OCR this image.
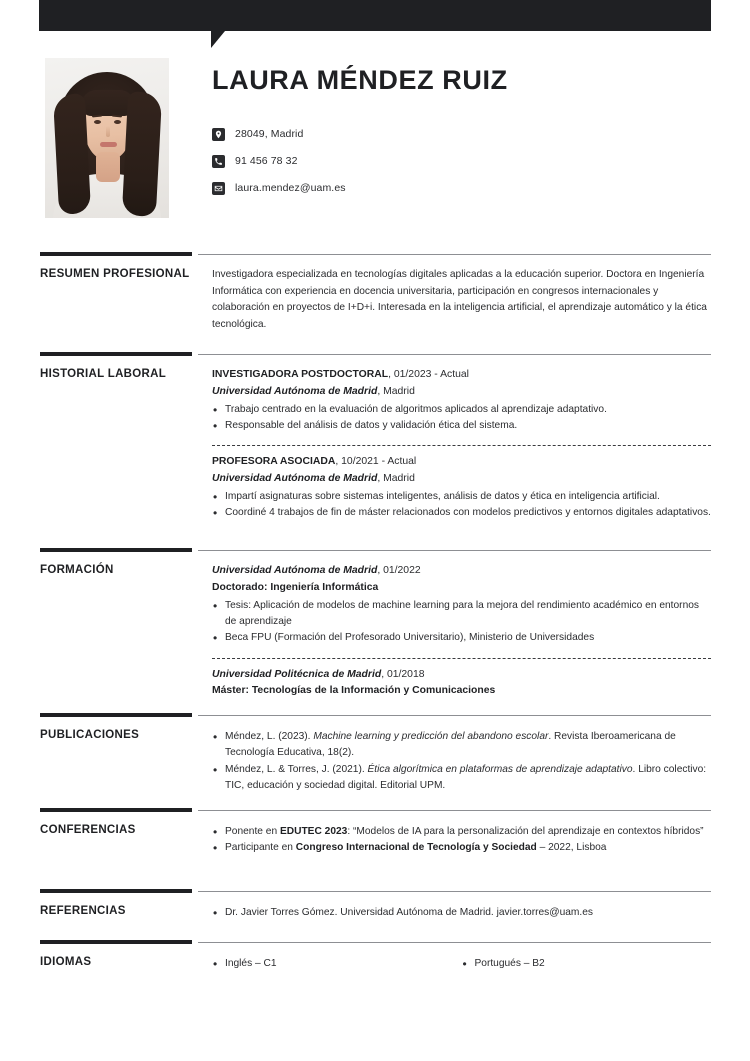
LAURA MÉNDEZ RUIZ
28049, Madrid
91 456 78 32
laura.mendez@uam.es
RESUMEN PROFESIONAL	Investigadora especializada en tecnologías digitales aplicadas a la educación superior. Doctora en Ingeniería Informática con experiencia en docencia universitaria, participación en congresos internacionales y colaboración en proyectos de I+D+i. Interesada en la inteligencia artificial, el aprendizaje automático y la ética tecnológica.

HISTORIAL LABORAL	INVESTIGADORA POSTDOCTORAL, 01/2023 - Actual

Universidad Autónoma de Madrid, Madrid

• Trabajo centrado en la evaluación de algoritmos aplicados al aprendizaje adaptativo.
• Responsable del análisis de datos y validación ética del sistema.

PROFESORA ASOCIADA, 10/2021 - Actual

Universidad Autónoma de Madrid, Madrid

• Impartí asignaturas sobre sistemas inteligentes, análisis de datos y ética en inteligencia artificial.
• Coordiné 4 trabajos de fin de máster relacionados con modelos predictivos y entornos digitales adaptativos.
FORMACIÓN	Universidad Autónoma de Madrid, 01/2022

Doctorado: Ingeniería Informática

• Tesis: Aplicación de modelos de machine learning para la mejora del rendimiento académico en entornos de aprendizaje
• Beca FPU (Formación del Profesorado Universitario), Ministerio de Universidades

Universidad Politécnica de Madrid, 01/2018

Máster: Tecnologías de la Información y Comunicaciones

PUBLICACIONES	• Méndez, L. (2023). Machine learning y predicción del abandono escolar. Revista Iberoamericana de Tecnología Educativa, 18(2).
• Méndez, L. & Torres, J. (2021). Ética algorítmica en plataformas de aprendizaje adaptativo. Libro colectivo: TIC, educación y sociedad digital. Editorial UPM.
CONFERENCIAS	• Ponente en EDUTEC 2023: “Modelos de IA para la personalización del aprendizaje en contextos híbridos”
• Participante en Congreso Internacional de Tecnología y Sociedad – 2022, Lisboa
REFERENCIAS	• Dr. Javier Torres Gómez. Universidad Autónoma de Madrid. javier.torres@uam.es
IDIOMAS	• Inglés – C1	• Portugués – B2
